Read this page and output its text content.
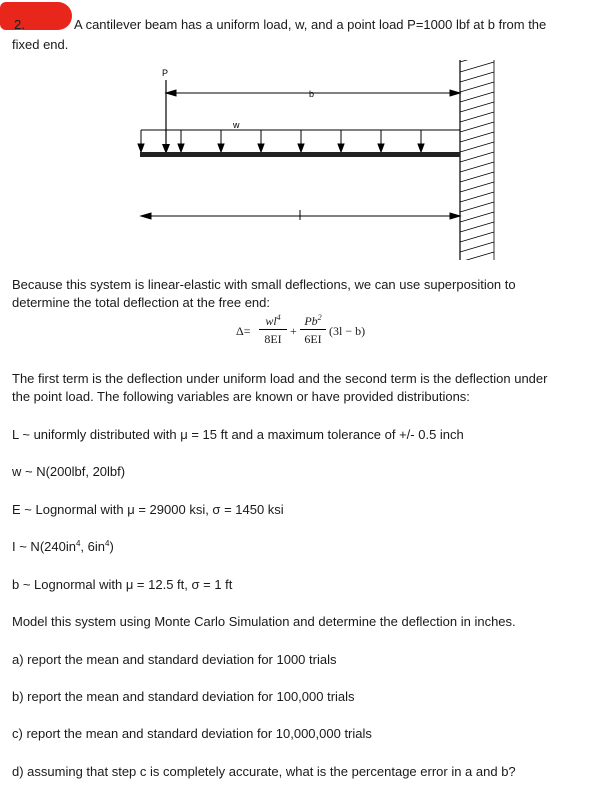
2.	A cantilever beam has a uniform load, w, and a point load P=1000 lbf at b from the
fixed end.
P
b
w
Because this system is linear-elastic with small deflections, we can use superposition to
determine the total deflection at the free end:
Δ=
$wl^4$
8EI
+
$Pb^2$
6EI
(3l − b)
The first term is the deflection under uniform load and the second term is the deflection under
the point load. The following variables are known or have provided distributions:
L ~ uniformly distributed with μ = 15 ft and a maximum tolerance of +/- 0.5 inch
w ~ N(200lbf, 20lbf)
E ~ Lognormal with μ = 29000 ksi, σ = 1450 ksi
I ~ $N(240in^4$, $6in^4$)
b ~ Lognormal with μ = 12.5 ft, σ = 1 ft
Model this system using Monte Carlo Simulation and determine the deflection in inches.
a) report the mean and standard deviation for 1000 trials
b) report the mean and standard deviation for 100,000 trials
c) report the mean and standard deviation for 10,000,000 trials
d) assuming that step c is completely accurate, what is the percentage error in a and b?
